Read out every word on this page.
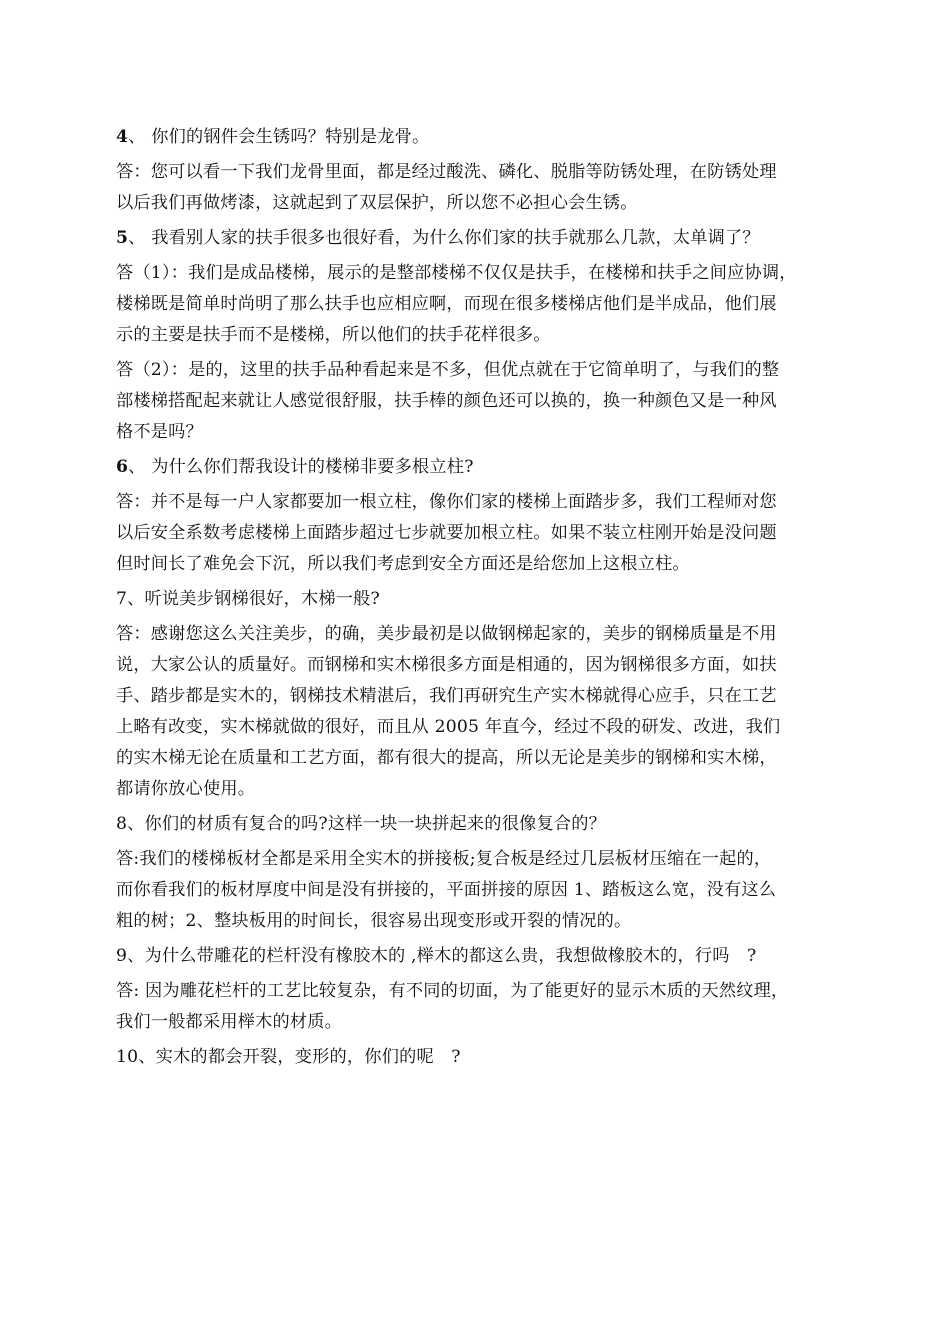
4、 你们的钢件会生锈吗？特别是龙骨。
答：您可以看一下我们龙骨里面，都是经过酸洗、磷化、脱脂等防锈处理，在防锈处理
以后我们再做烤漆，这就起到了双层保护，所以您不必担心会生锈。
5、 我看别人家的扶手很多也很好看，为什么你们家的扶手就那么几款，太单调了？
答（1）：我们是成品楼梯，展示的是整部楼梯不仅仅是扶手，在楼梯和扶手之间应协调，
楼梯既是简单时尚明了那么扶手也应相应啊，而现在很多楼梯店他们是半成品，他们展
示的主要是扶手而不是楼梯，所以他们的扶手花样很多。
答（2）：是的，这里的扶手品种看起来是不多，但优点就在于它简单明了，与我们的整
部楼梯搭配起来就让人感觉很舒服，扶手棒的颜色还可以换的，换一种颜色又是一种风
格不是吗？
6、 为什么你们帮我设计的楼梯非要多根立柱?
答：并不是每一户人家都要加一根立柱，像你们家的楼梯上面踏步多，我们工程师对您
以后安全系数考虑楼梯上面踏步超过七步就要加根立柱。如果不装立柱刚开始是没问题
但时间长了难免会下沉，所以我们考虑到安全方面还是给您加上这根立柱。
7、听说美步钢梯很好，木梯一般?
答：感谢您这么关注美步，的确，美步最初是以做钢梯起家的，美步的钢梯质量是不用
说，大家公认的质量好。而钢梯和实木梯很多方面是相通的，因为钢梯很多方面，如扶
手、踏步都是实木的，钢梯技术精湛后，我们再研究生产实木梯就得心应手，只在工艺
上略有改变，实木梯就做的很好，而且从 2005 年直今，经过不段的研发、改进，我们
的实木梯无论在质量和工艺方面，都有很大的提高，所以无论是美步的钢梯和实木梯，
都请你放心使用。
8、你们的材质有复合的吗?这样一块一块拼起来的很像复合的？
答:我们的楼梯板材全都是采用全实木的拼接板;复合板是经过几层板材压缩在一起的，
而你看我们的板材厚度中间是没有拼接的，平面拼接的原因 1、踏板这么宽，没有这么
粗的树；2、整块板用的时间长，很容易出现变形或开裂的情况的。
9、为什么带雕花的栏杆没有橡胶木的 ,榉木的都这么贵，我想做橡胶木的，行吗　?
答: 因为雕花栏杆的工艺比较复杂，有不同的切面，为了能更好的显示木质的天然纹理，
我们一般都采用榉木的材质。
10、实木的都会开裂，变形的，你们的呢　?
